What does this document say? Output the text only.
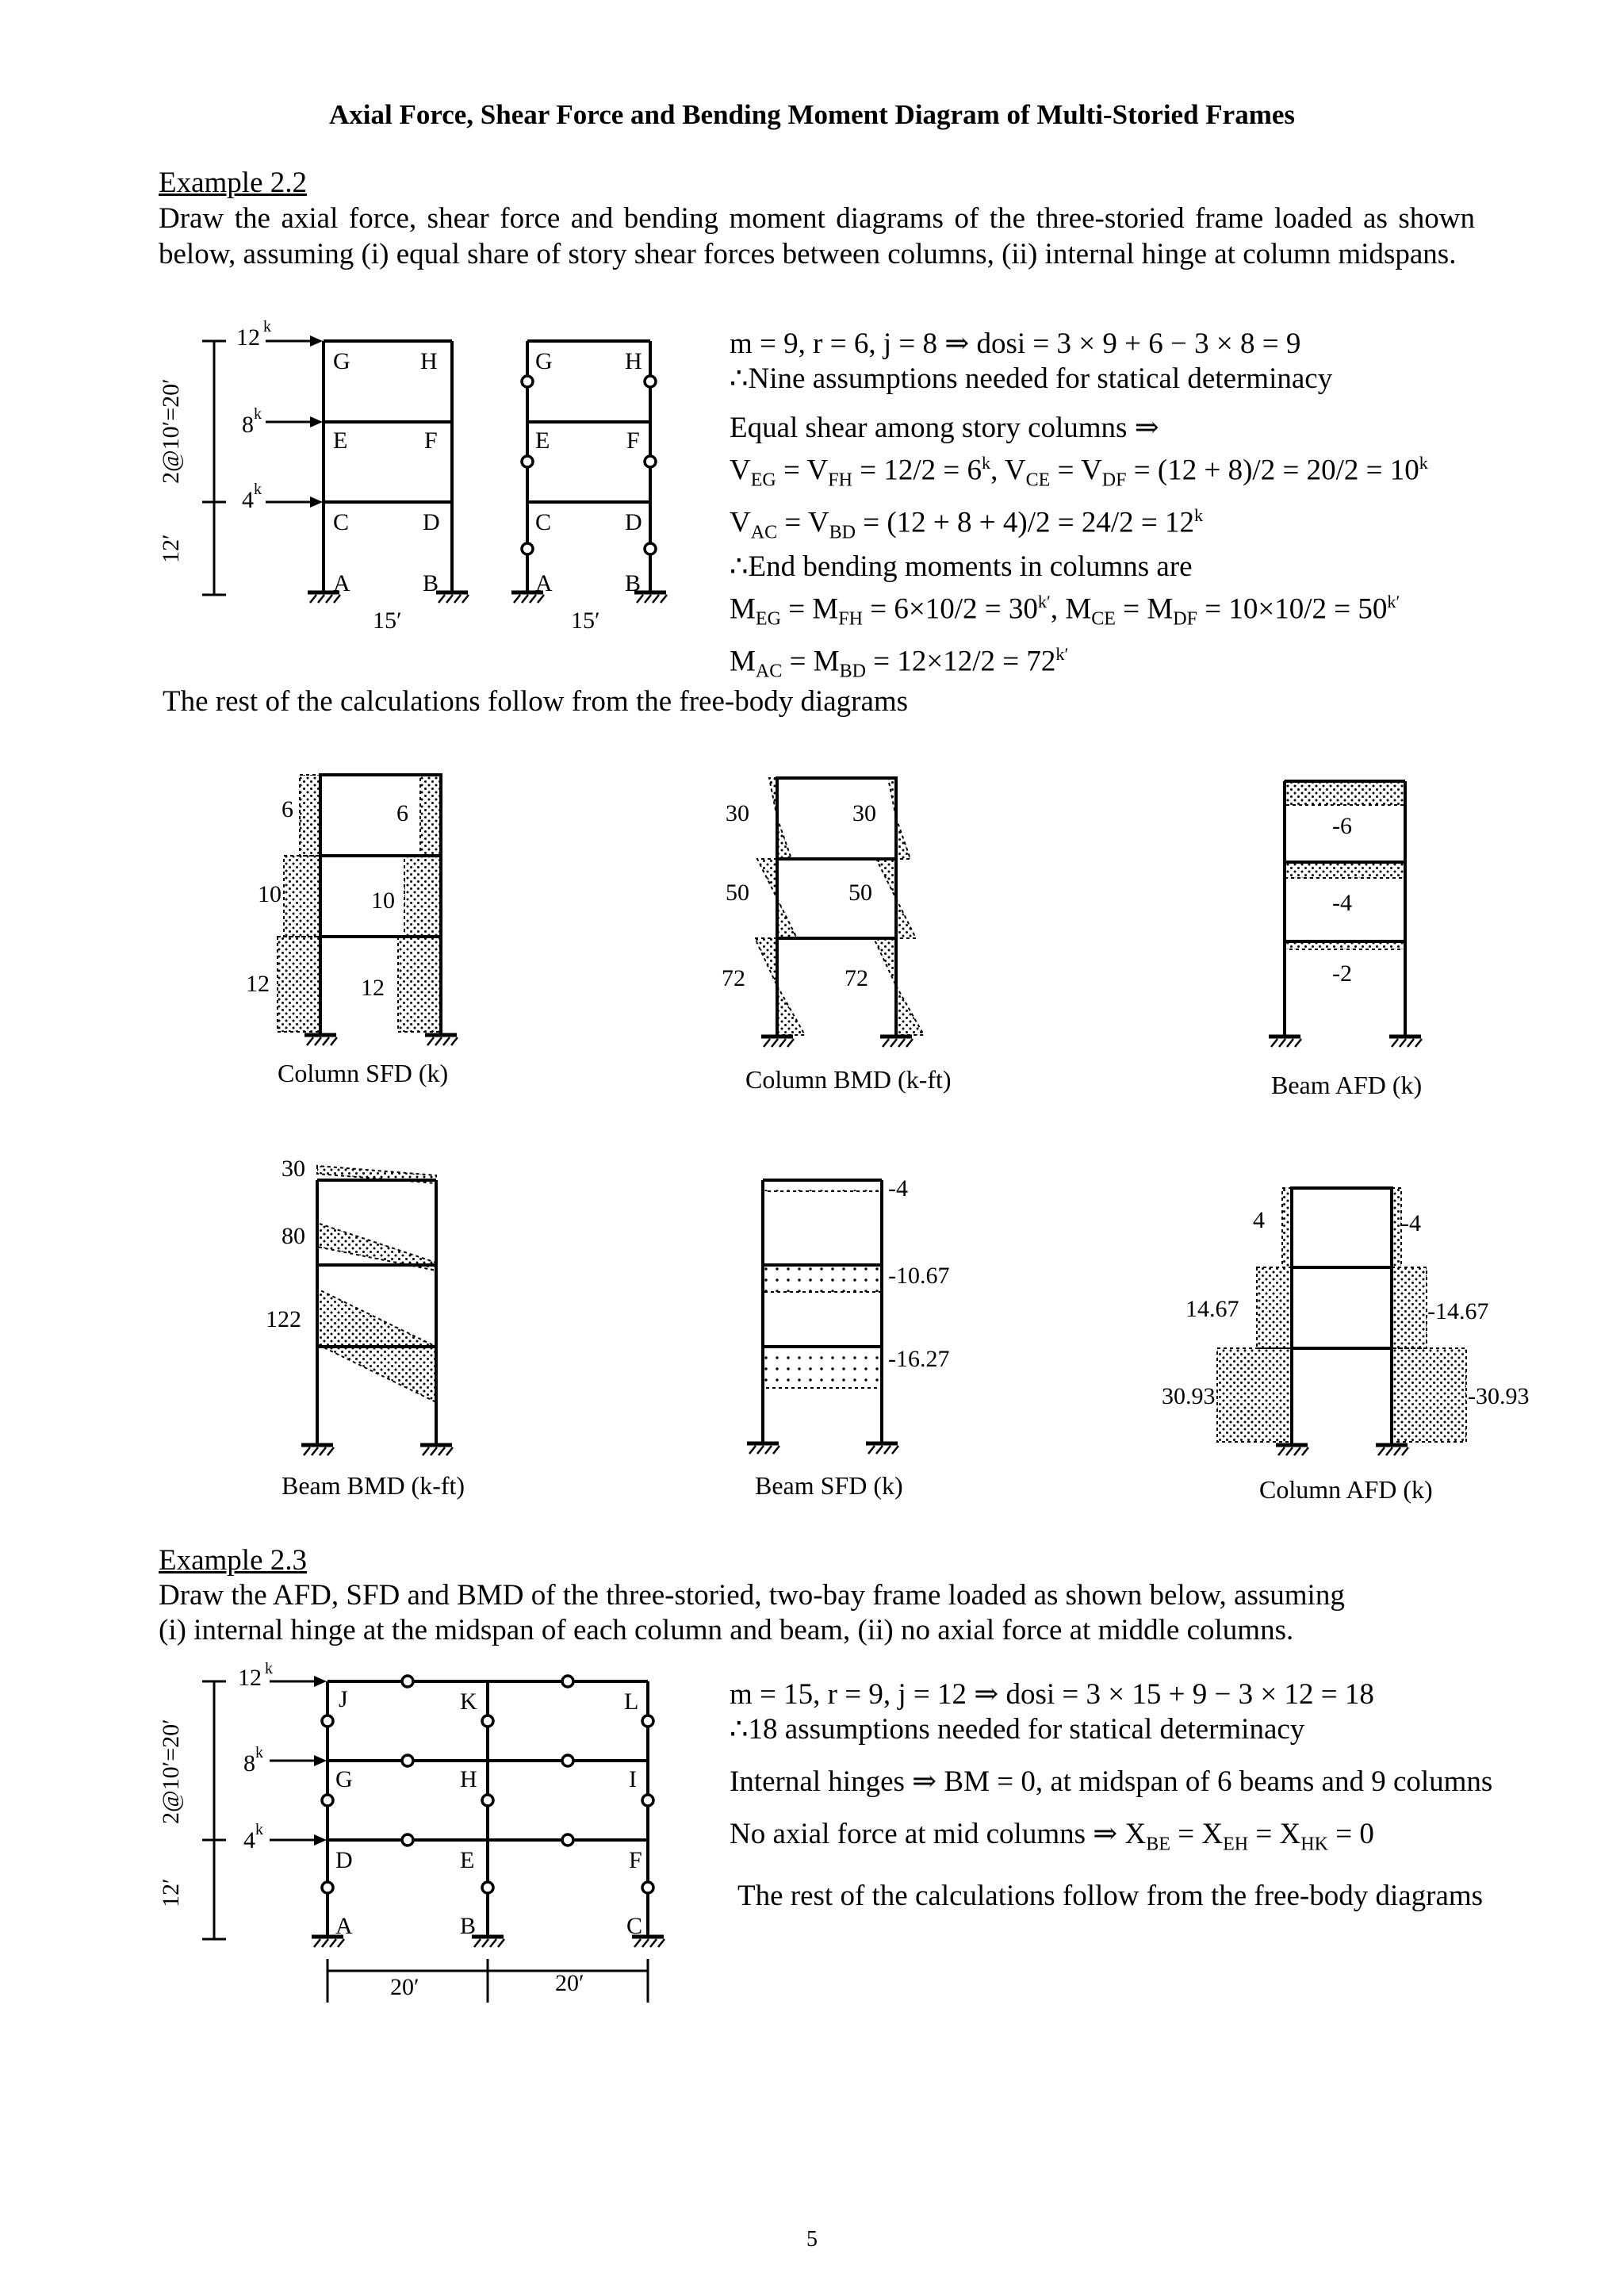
Axial Force, Shear Force and Bending Moment Diagram of Multi-Storied Frames
Example 2.2
Draw the axial force, shear force and bending moment diagrams of the three-storied frame loaded as shown below, assuming (i) equal share of story shear forces between columns, (ii) internal hinge at column midspans.
12 k
8 k
4 k
G	H
E	F
C	D
A	B
15′
2@10′=20′
12′
G	H
E	F
C	D
A	B
15′
m = 9, r = 6, j = 8 ⇒ dosi = 3 × 9 + 6 − 3 × 8 = 9
∴Nine assumptions needed for statical determinacy
Equal shear among story columns ⇒
$V_{EG} = V_{FH} = 12/2 = 6^k$, $V_{CE} = V_{DF} = (12 + 8)/2 = 20/2 = 10^k$
$V_{AC} = V_{BD} = (12 + 8 + 4)/2 = 24/2 = 12^k$
∴End bending moments in columns are
$M_{EG} = M_{FH} = 6\times 10/2 = 30^{k'}$, $M_{CE} = M_{DF} = 10\times 10/2 = 50^{k'}$
$M_{AC} = M_{BD} = 12\times 12/2 = 72^{k'}$
The rest of the calculations follow from the free-body diagrams
6
10
12
6
10
12
Column SFD (k)
30
50
72
30
50
72
Column BMD (k-ft)
-6
-4
-2
Beam AFD (k)
30
80
122
Beam BMD (k-ft)
-4
-10.67
-16.27
Beam SFD (k)
4
14.67
30.93
-4
-14.67
-30.93
Column AFD (k)
Example 2.3
Draw the AFD, SFD and BMD of the three-storied, two-bay frame loaded as shown below, assuming
(i) internal hinge at the midspan of each column and beam, (ii) no axial force at middle columns.
12 k
8 k
4 k
J	K	L
G	H	I
D	E	F
A	B	C
20′	20′
2@10′=20′
12′
m = 15, r = 9, j = 12 ⇒ dosi = 3 × 15 + 9 − 3 × 12 = 18
∴18 assumptions needed for statical determinacy
Internal hinges ⇒ BM = 0, at midspan of 6 beams and 9 columns
No axial force at mid columns ⇒ $X_{BE} = X_{EH} = X_{HK} = 0$
The rest of the calculations follow from the free-body diagrams
5
